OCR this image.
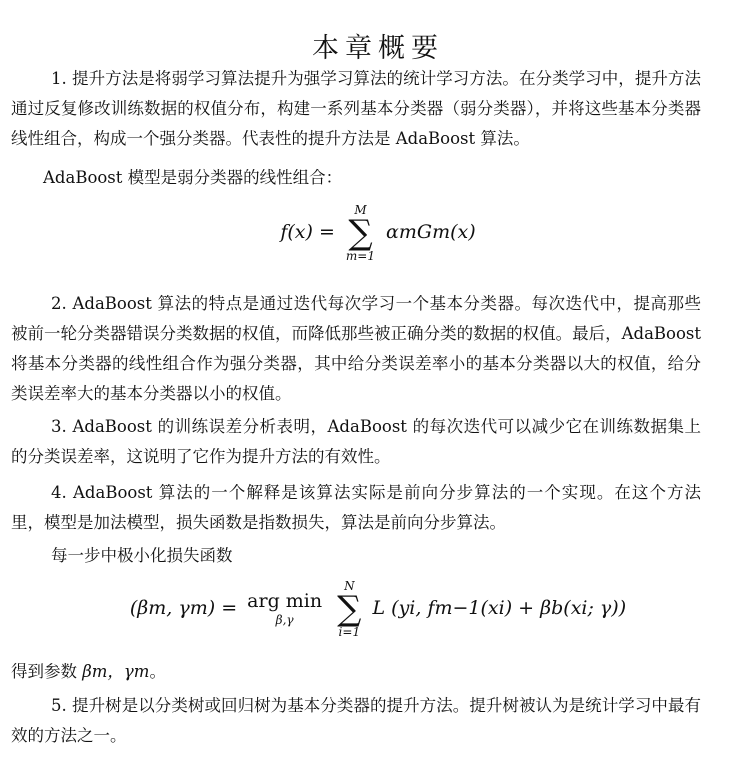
本章概要

1. 提升方法是将弱学习算法提升为强学习算法的统计学习方法。在分类学习中，提升方法通过反复修改训练数据的权值分布，构建一系列基本分类器（弱分类器），并将这些基本分类器线性组合，构成一个强分类器。代表性的提升方法是 AdaBoost 算法。

AdaBoost 模型是弱分类器的线性组合：

f(x) =
M
∑
m=1
αmGm(x)

2. AdaBoost 算法的特点是通过迭代每次学习一个基本分类器。每次迭代中，提高那些被前一轮分类器错误分类数据的权值，而降低那些被正确分类的数据的权值。最后，AdaBoost 将基本分类器的线性组合作为强分类器，其中给分类误差率小的基本分类器以大的权值，给分类误差率大的基本分类器以小的权值。

3. AdaBoost 的训练误差分析表明，AdaBoost 的每次迭代可以减少它在训练数据集上的分类误差率，这说明了它作为提升方法的有效性。

4. AdaBoost 算法的一个解释是该算法实际是前向分步算法的一个实现。在这个方法里，模型是加法模型，损失函数是指数损失，算法是前向分步算法。

每一步中极小化损失函数

(βm, γm) = arg min
β,γ

N
∑
i=1
L (yi, fm−1(xi) + βb(xi; γ))

得到参数 βm，γm。

5. 提升树是以分类树或回归树为基本分类器的提升方法。提升树被认为是统计学习中最有效的方法之一。
